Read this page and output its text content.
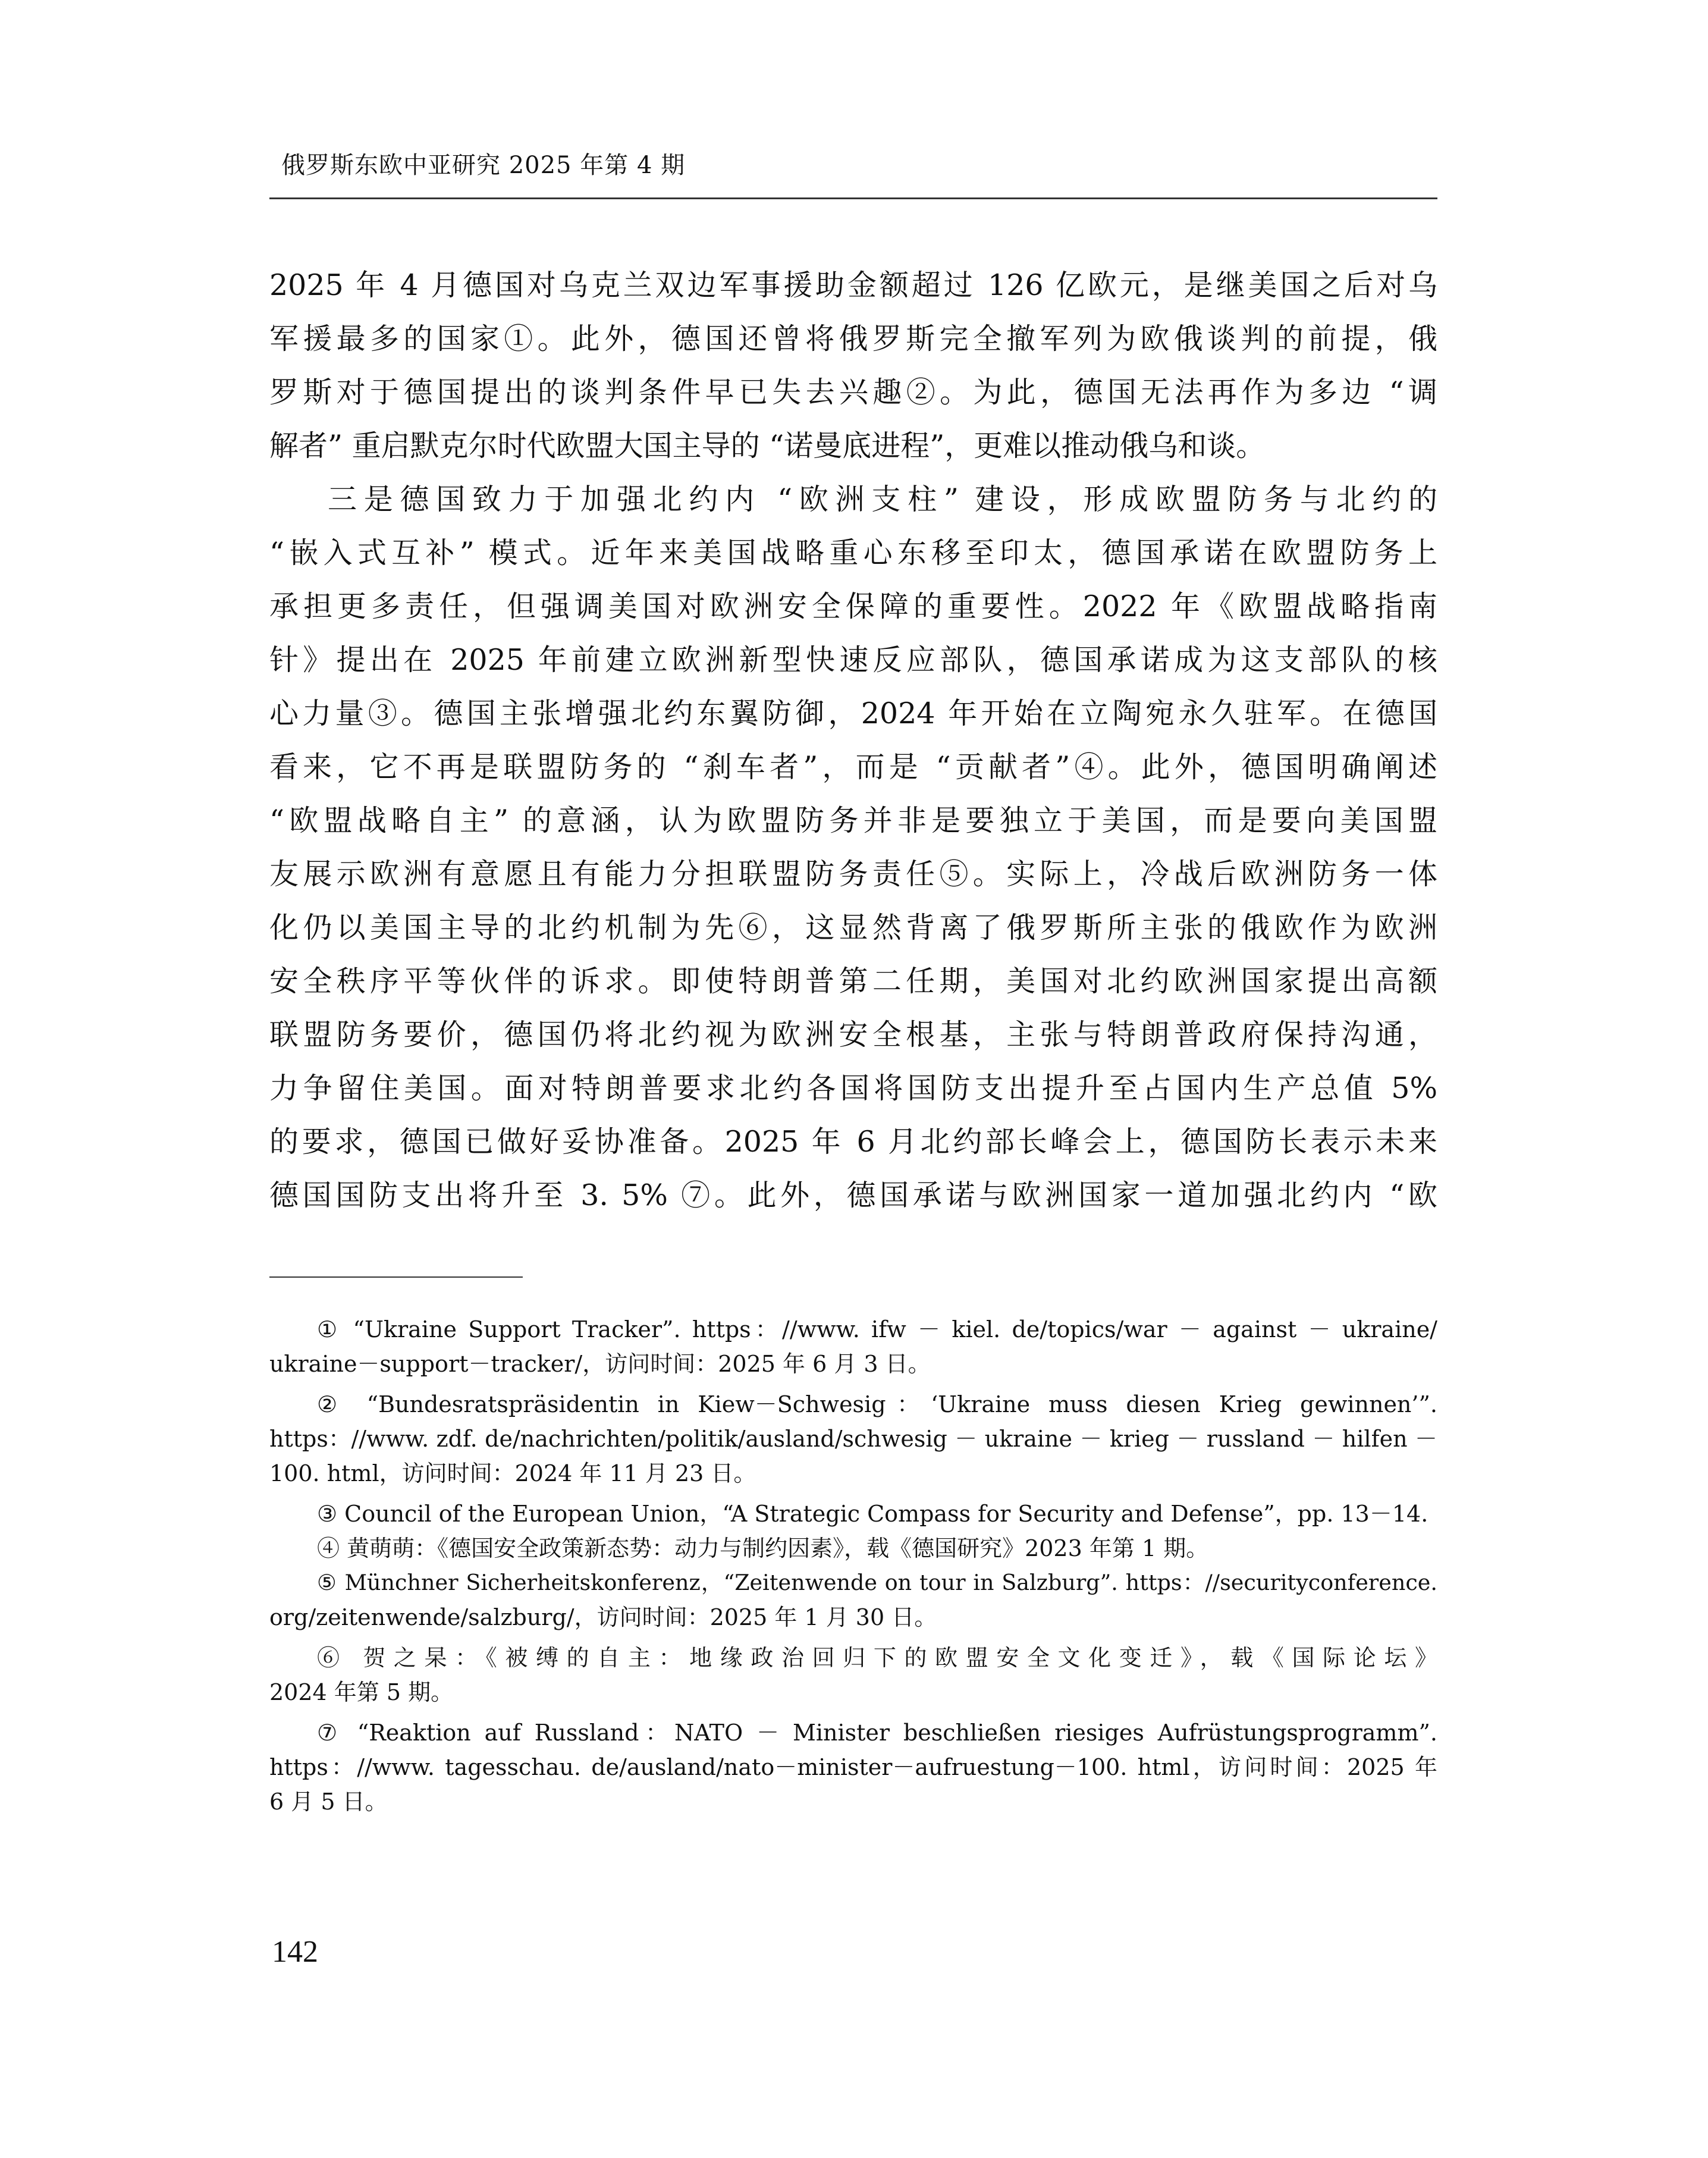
俄罗斯东欧中亚研究 2025 年第 4 期
2025 年 4 月德国对乌克兰双边军事援助金额超过 126 亿欧元，是继美国之后对乌
军援最多的国家①。此外，德国还曾将俄罗斯完全撤军列为欧俄谈判的前提，俄
罗斯对于德国提出的谈判条件早已失去兴趣②。为此，德国无法再作为多边 “调
解者” 重启默克尔时代欧盟大国主导的 “诺曼底进程”，更难以推动俄乌和谈。
三是德国致力于加强北约内 “欧洲支柱” 建设，形成欧盟防务与北约的
“嵌入式互补” 模式。近年来美国战略重心东移至印太，德国承诺在欧盟防务上
承担更多责任，但强调美国对欧洲安全保障的重要性。2022 年《欧盟战略指南
针》提出在 2025 年前建立欧洲新型快速反应部队，德国承诺成为这支部队的核
心力量③。德国主张增强北约东翼防御，2024 年开始在立陶宛永久驻军。在德国
看来，它不再是联盟防务的 “刹车者”，而是 “贡献者”④。此外，德国明确阐述
“欧盟战略自主” 的意涵，认为欧盟防务并非是要独立于美国，而是要向美国盟
友展示欧洲有意愿且有能力分担联盟防务责任⑤。实际上，冷战后欧洲防务一体
化仍以美国主导的北约机制为先⑥，这显然背离了俄罗斯所主张的俄欧作为欧洲
安全秩序平等伙伴的诉求。即使特朗普第二任期，美国对北约欧洲国家提出高额
联盟防务要价，德国仍将北约视为欧洲安全根基，主张与特朗普政府保持沟通，
力争留住美国。面对特朗普要求北约各国将国防支出提升至占国内生产总值 5%
的要求，德国已做好妥协准备。2025 年 6 月北约部长峰会上，德国防长表示未来
德国国防支出将升至 3. 5% ⑦。此外，德国承诺与欧洲国家一道加强北约内 “欧
① “Ukraine Support Tracker”. https：//www. ifw － kiel. de/topics/war － against － ukraine/
ukraine－support－tracker/，访问时间：2025 年 6 月 3 日。
② “Bundesratspräsidentin in Kiew－Schwesig：‘Ukraine muss diesen Krieg gewinnen’”.
https：//www. zdf. de/nachrichten/politik/ausland/schwesig － ukraine － krieg － russland － hilfen －
100. html，访问时间：2024 年 11 月 23 日。
③ Council of the European Union，“A Strategic Compass for Security and Defense”，pp. 13－14.
④ 黄萌萌：《德国安全政策新态势：动力与制约因素》，载《德国研究》2023 年第 1 期。
⑤ Münchner Sicherheitskonferenz，“Zeitenwende on tour in Salzburg”. https：//securityconference.
org/zeitenwende/salzburg/，访问时间：2025 年 1 月 30 日。
⑥ 贺之杲：《被缚的自主：地缘政治回归下的欧盟安全文化变迁》，载《国际论坛》
2024 年第 5 期。
⑦ “Reaktion auf Russland：NATO － Minister beschließen riesiges Aufrüstungsprogramm”.
https：//www. tagesschau. de/ausland/nato－minister－aufruestung－100. html，访问时间：2025 年
6 月 5 日。
142
